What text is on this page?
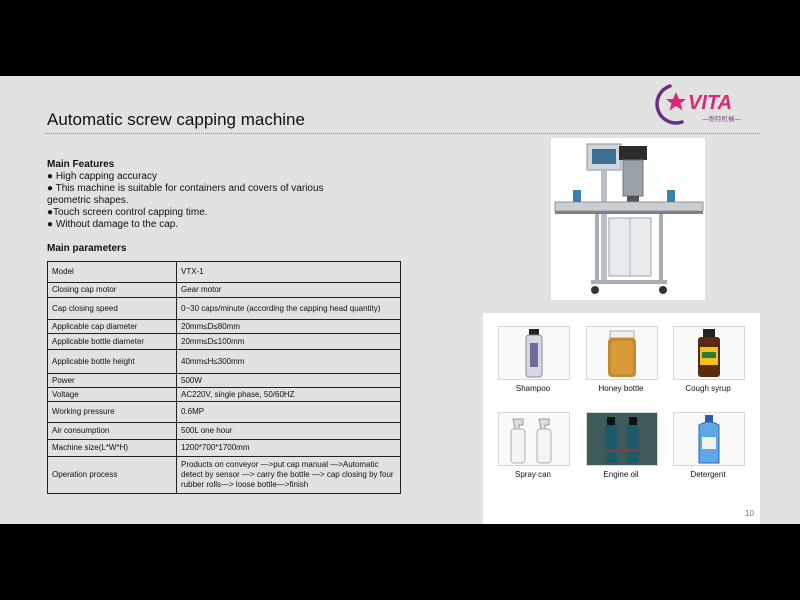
Automatic screw capping machine
VITA
—维特机械—
Main Features
● High capping accuracy
● This machine is suitable for containers and covers of various geometric shapes.
●Touch screen control capping time.
● Without damage to the cap.
Main parameters
Model	VTX-1
Closing cap motor	Gear motor
Cap closing speed	0~30 caps/minute (according the capping head quantity)
Applicable cap diameter	20mm≤D≤80mm
Applicable bottle diameter	20mm≤D≤100mm
Applicable bottle height	40mm≤H≤300mm
Power	500W
Voltage	AC220V, single phase, 50/60HZ
Working pressure	0.6MP
Air consumption	500L one hour
Machine size(L*W*H)	1200*700*1700mm
Operation process	Products on conveyor —>put cap manual —>Automatic detect by sensor —> carry the bottle —> cap closing by four rubber rolls—> loose bottle—>finish
Shampoo	Honey bottle	Cough syrup
Spray can	Engine oil	Detergent
10
